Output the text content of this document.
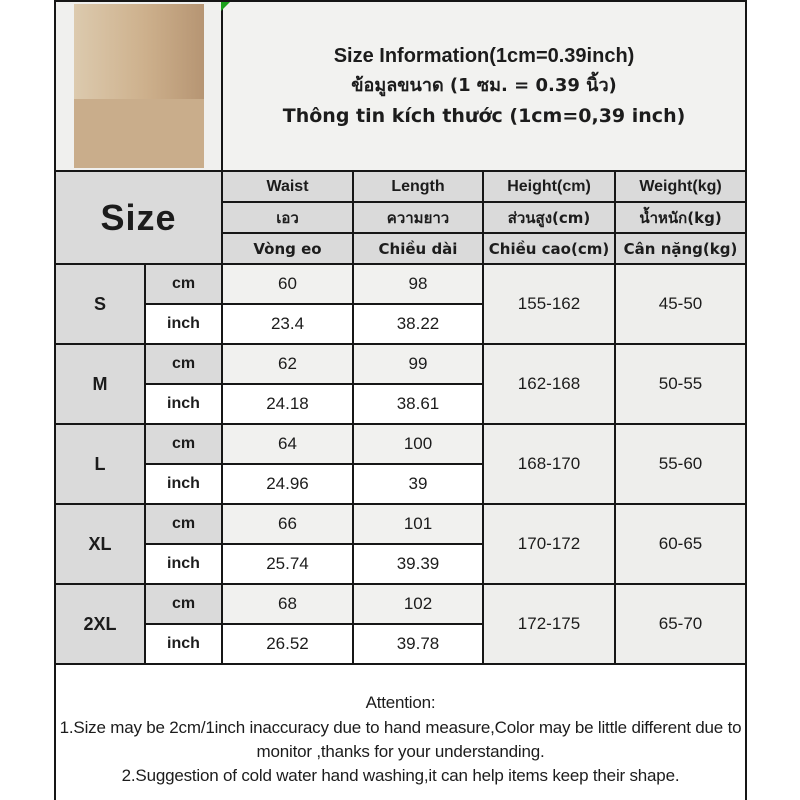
		Size Information(1cm=0.39inch)
ข้อมูลขนาด (1 ซม. = 0.39 นิ้ว)
Thông tin kích thước (1cm=0,39 inch)			

Size		Waist	Length	Height(cm)	Weight(kg)
		เอว	ความยาว	ส่วนสูง(cm)	น้ำหนัก(kg)
		Vòng eo	Chiều dài	Chiều cao(cm)	Cân nặng(kg)
S	cm	60	98	155-162	45-50
	inch	23.4	38.22		
M	cm	62	99	162-168	50-55
	inch	24.18	38.61		
L	cm	64	100	168-170	55-60
	inch	24.96	39		
XL	cm	66	101	170-172	60-65
	inch	25.74	39.39		
2XL	cm	68	102	172-175	65-70
	inch	26.52	39.78		

Attention:
1.Size may be 2cm/1inch inaccuracy due to hand measure,Color may be little different due to monitor ,thanks for your understanding.
2.Suggestion of cold water hand washing,it can help items keep their shape.					
